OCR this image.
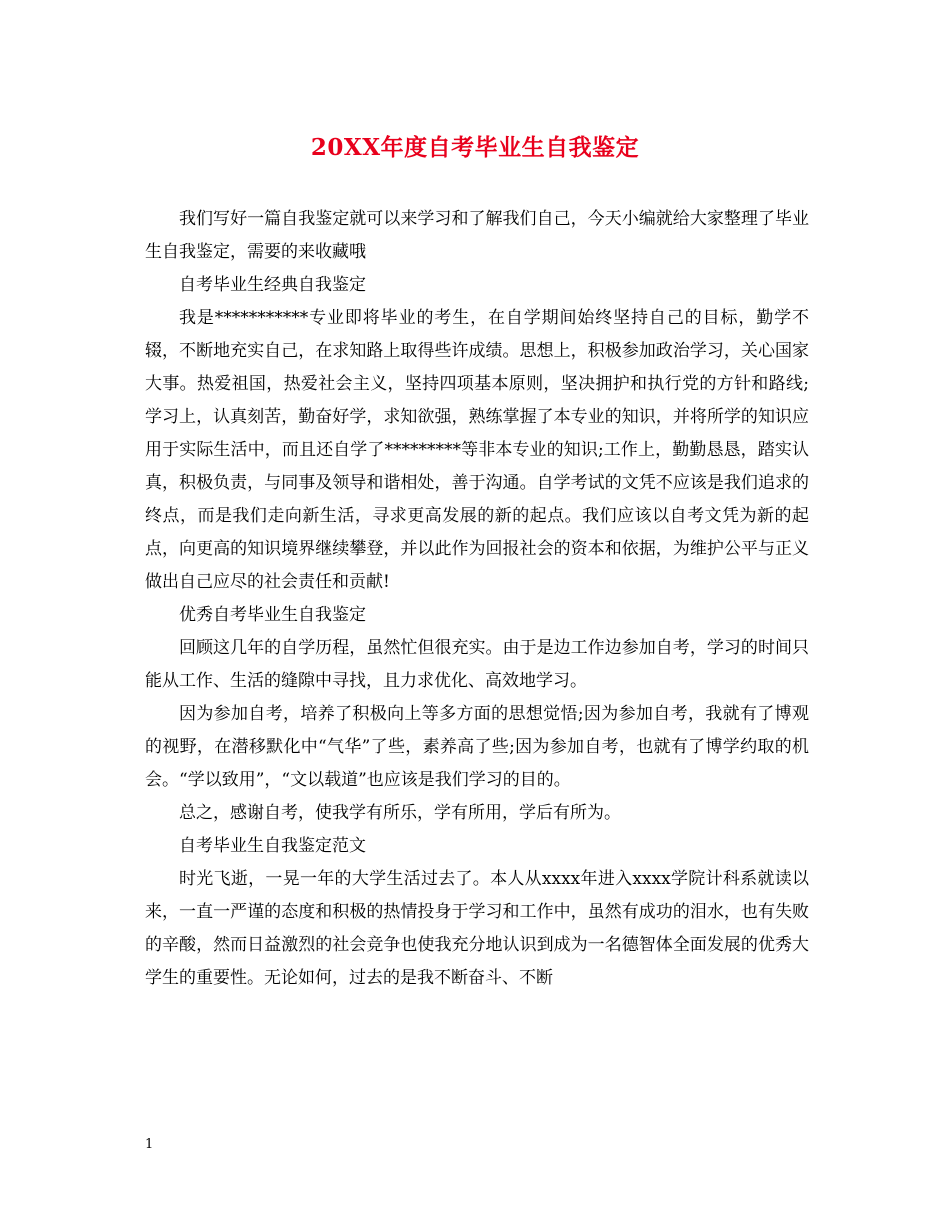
20XX年度自考毕业生自我鉴定

我们写好一篇自我鉴定就可以来学习和了解我们自己，今天小编就给大家整理了毕业生自我鉴定，需要的来收藏哦

自考毕业生经典自我鉴定

我是***********专业即将毕业的考生，在自学期间始终坚持自己的目标，勤学不辍，不断地充实自己，在求知路上取得些许成绩。思想上，积极参加政治学习，关心国家大事。热爱祖国，热爱社会主义，坚持四项基本原则，坚决拥护和执行党的方针和路线;学习上，认真刻苦，勤奋好学，求知欲强，熟练掌握了本专业的知识，并将所学的知识应用于实际生活中，而且还自学了*********等非本专业的知识;工作上，勤勤恳恳，踏实认真，积极负责，与同事及领导和谐相处，善于沟通。自学考试的文凭不应该是我们追求的终点，而是我们走向新生活，寻求更高发展的新的起点。我们应该以自考文凭为新的起点，向更高的知识境界继续攀登，并以此作为回报社会的资本和依据，为维护公平与正义做出自己应尽的社会责任和贡献!

优秀自考毕业生自我鉴定

回顾这几年的自学历程，虽然忙但很充实。由于是边工作边参加自考，学习的时间只能从工作、生活的缝隙中寻找，且力求优化、高效地学习。

因为参加自考，培养了积极向上等多方面的思想觉悟;因为参加自考，我就有了博观的视野，在潜移默化中“气华”了些，素养高了些;因为参加自考，也就有了博学约取的机会。“学以致用”，“文以载道”也应该是我们学习的目的。

总之，感谢自考，使我学有所乐，学有所用，学后有所为。

自考毕业生自我鉴定范文

时光飞逝，一晃一年的大学生活过去了。本人从xxxx年进入xxxx学院计科系就读以来，一直一严谨的态度和积极的热情投身于学习和工作中，虽然有成功的泪水，也有失败的辛酸，然而日益激烈的社会竞争也使我充分地认识到成为一名德智体全面发展的优秀大学生的重要性。无论如何，过去的是我不断奋斗、不断

1
